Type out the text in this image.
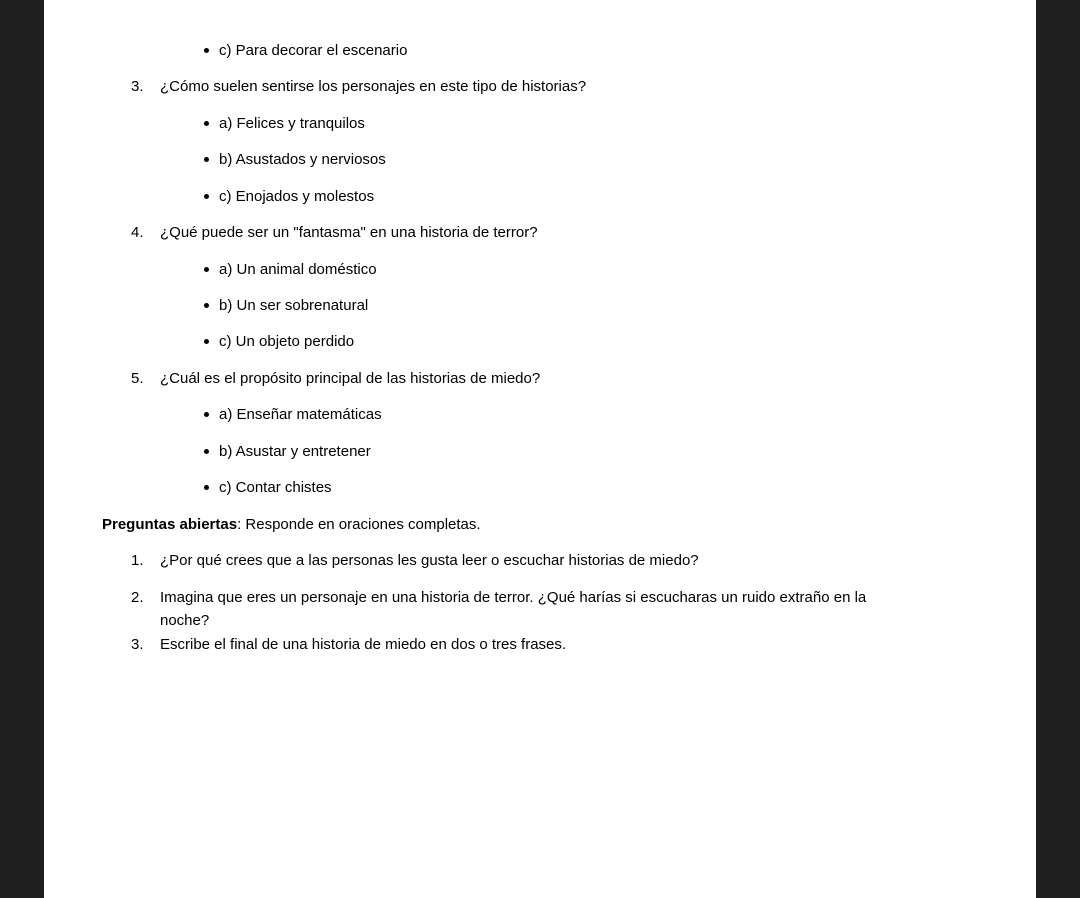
c) Para decorar el escenario
3. ¿Cómo suelen sentirse los personajes en este tipo de historias?
a) Felices y tranquilos
b) Asustados y nerviosos
c) Enojados y molestos
4. ¿Qué puede ser un "fantasma" en una historia de terror?
a) Un animal doméstico
b) Un ser sobrenatural
c) Un objeto perdido
5. ¿Cuál es el propósito principal de las historias de miedo?
a) Enseñar matemáticas
b) Asustar y entretener
c) Contar chistes
Preguntas abiertas: Responde en oraciones completas.
1. ¿Por qué crees que a las personas les gusta leer o escuchar historias de miedo?
2. Imagina que eres un personaje en una historia de terror. ¿Qué harías si escucharas un ruido extraño en la
noche?
3. Escribe el final de una historia de miedo en dos o tres frases.
